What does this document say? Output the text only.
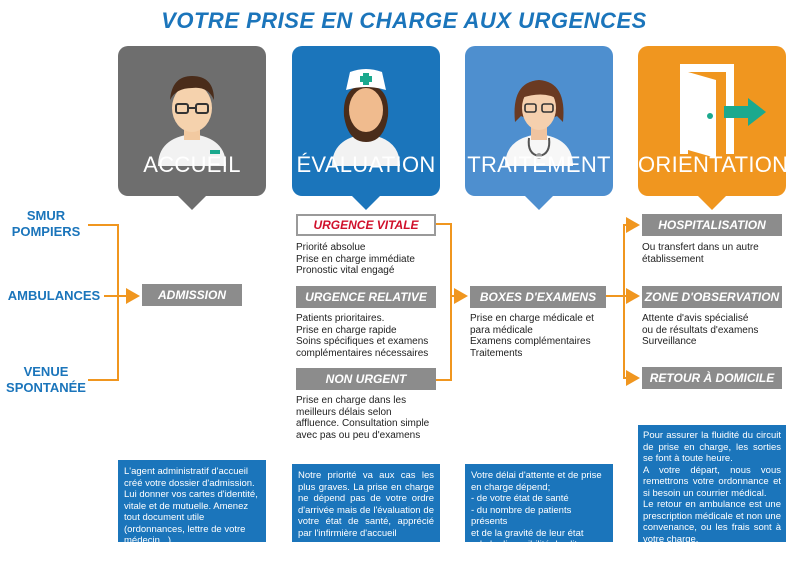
VOTRE PRISE EN CHARGE AUX URGENCES
ACCUEIL	ÉVALUATION TRAITEMENT ORIENTATION
SMUR
POMPIERS
AMBULANCES
VENUE
SPONTANÉE
ADMISSION
URGENCE VITALE
Priorité absolue
Prise en charge immédiate
Pronostic vital engagé
URGENCE RELATIVE
Patients prioritaires.
Prise en charge rapide
Soins spécifiques et examens
complémentaires nécessaires
NON URGENT
Prise en charge dans les
meilleurs délais selon
affluence. Consultation simple
avec pas ou peu d'examens
BOXES D'EXAMENS
Prise en charge médicale et
para médicale
Examens complémentaires
Traitements
HOSPITALISATION
Ou transfert dans un autre
établissement
ZONE D'OBSERVATION
Attente d'avis spécialisé
ou de résultats d'examens
Surveillance
RETOUR À DOMICILE
L'agent administratif d'accueil
créé votre dossier d'admission.
Lui donner vos cartes d'identité,
vitale et de mutuelle. Amenez
tout document utile
(ordonnances, lettre de votre
médecin...)
Notre priorité va aux cas les plus graves. La prise en charge ne dépend pas de votre ordre d'arrivée mais de l'évaluation de votre état de santé, apprécié par l'infirmière d'accueil
Votre délai d'attente et de prise
en charge dépend;
- de votre état de santé
- du nombre de patients présents
et de la gravité de leur état
- de la disponibilité des lits
Pour assurer la fluidité du circuit de prise en charge, les sorties se font à toute heure.
A votre départ, nous vous remettrons votre ordonnance et si besoin un courrier médical.
Le retour en ambulance est une prescription médicale et non une convenance, ou les frais sont à votre charge.
